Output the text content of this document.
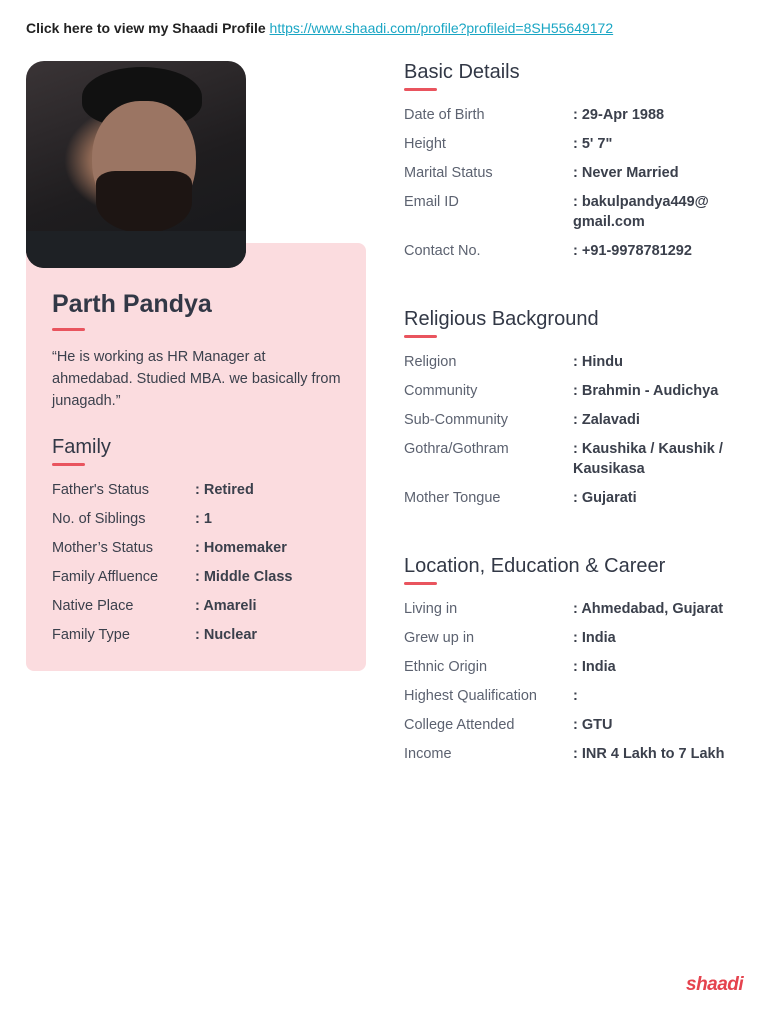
Click here to view my Shaadi Profile https://www.shaadi.com/profile?profileid=8SH55649172
Parth Pandya
“He is working as HR Manager at ahmedabad. Studied MBA. we basically from junagadh.”
Family
Father's Status	: Retired
No. of Siblings	: 1
Mother’s Status	: Homemaker
Family Affluence	: Middle Class
Native Place	: Amareli
Family Type	: Nuclear
Basic Details
Date of Birth	: 29-Apr 1988
Height	: 5' 7"
Marital Status	: Never Married
Email ID	: bakulpandya449@ gmail.com
Contact No.	: +91-9978781292
Religious Background
Religion	: Hindu
Community	: Brahmin - Audichya
Sub-Community	: Zalavadi
Gothra/Gothram	: Kaushika / Kaushik / Kausikasa
Mother Tongue	: Gujarati
Location, Education & Career
Living in	: Ahmedabad, Gujarat
Grew up in	: India
Ethnic Origin	: India
Highest Qualification	:
College Attended	: GTU
Income	: INR 4 Lakh to 7 Lakh
shaadi
